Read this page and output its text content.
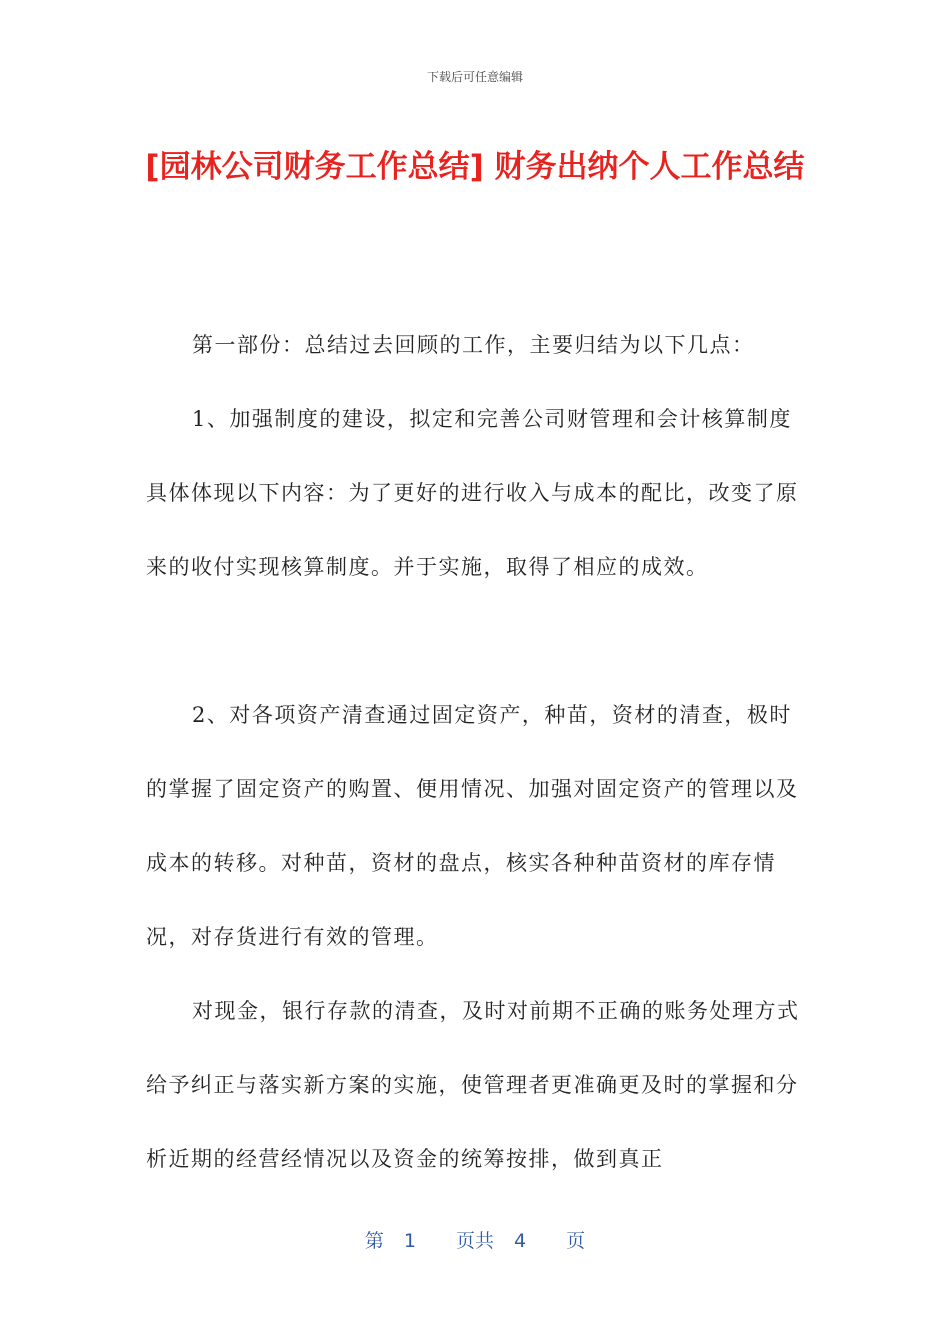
下载后可任意编辑
[园林公司财务工作总结] 财务出纳个人工作总结

第一部份：总结过去回顾的工作，主要归结为以下几点：

1、加强制度的建设，拟定和完善公司财管理和会计核算制度具体体现以下内容：为了更好的进行收入与成本的配比，改变了原来的收付实现核算制度。并于实施，取得了相应的成效。

2、对各项资产清查通过固定资产，种苗，资材的清查，极时的掌握了固定资产的购置、便用情况、加强对固定资产的管理以及成本的转移。对种苗，资材的盘点，核实各种种苗资材的库存情况，对存货进行有效的管理。

对现金，银行存款的清查，及时对前期不正确的账务处理方式给予纠正与落实新方案的实施，使管理者更准确更及时的掌握和分析近期的经营经情况以及资金的统筹按排，做到真正

第 1 页共 4 页
